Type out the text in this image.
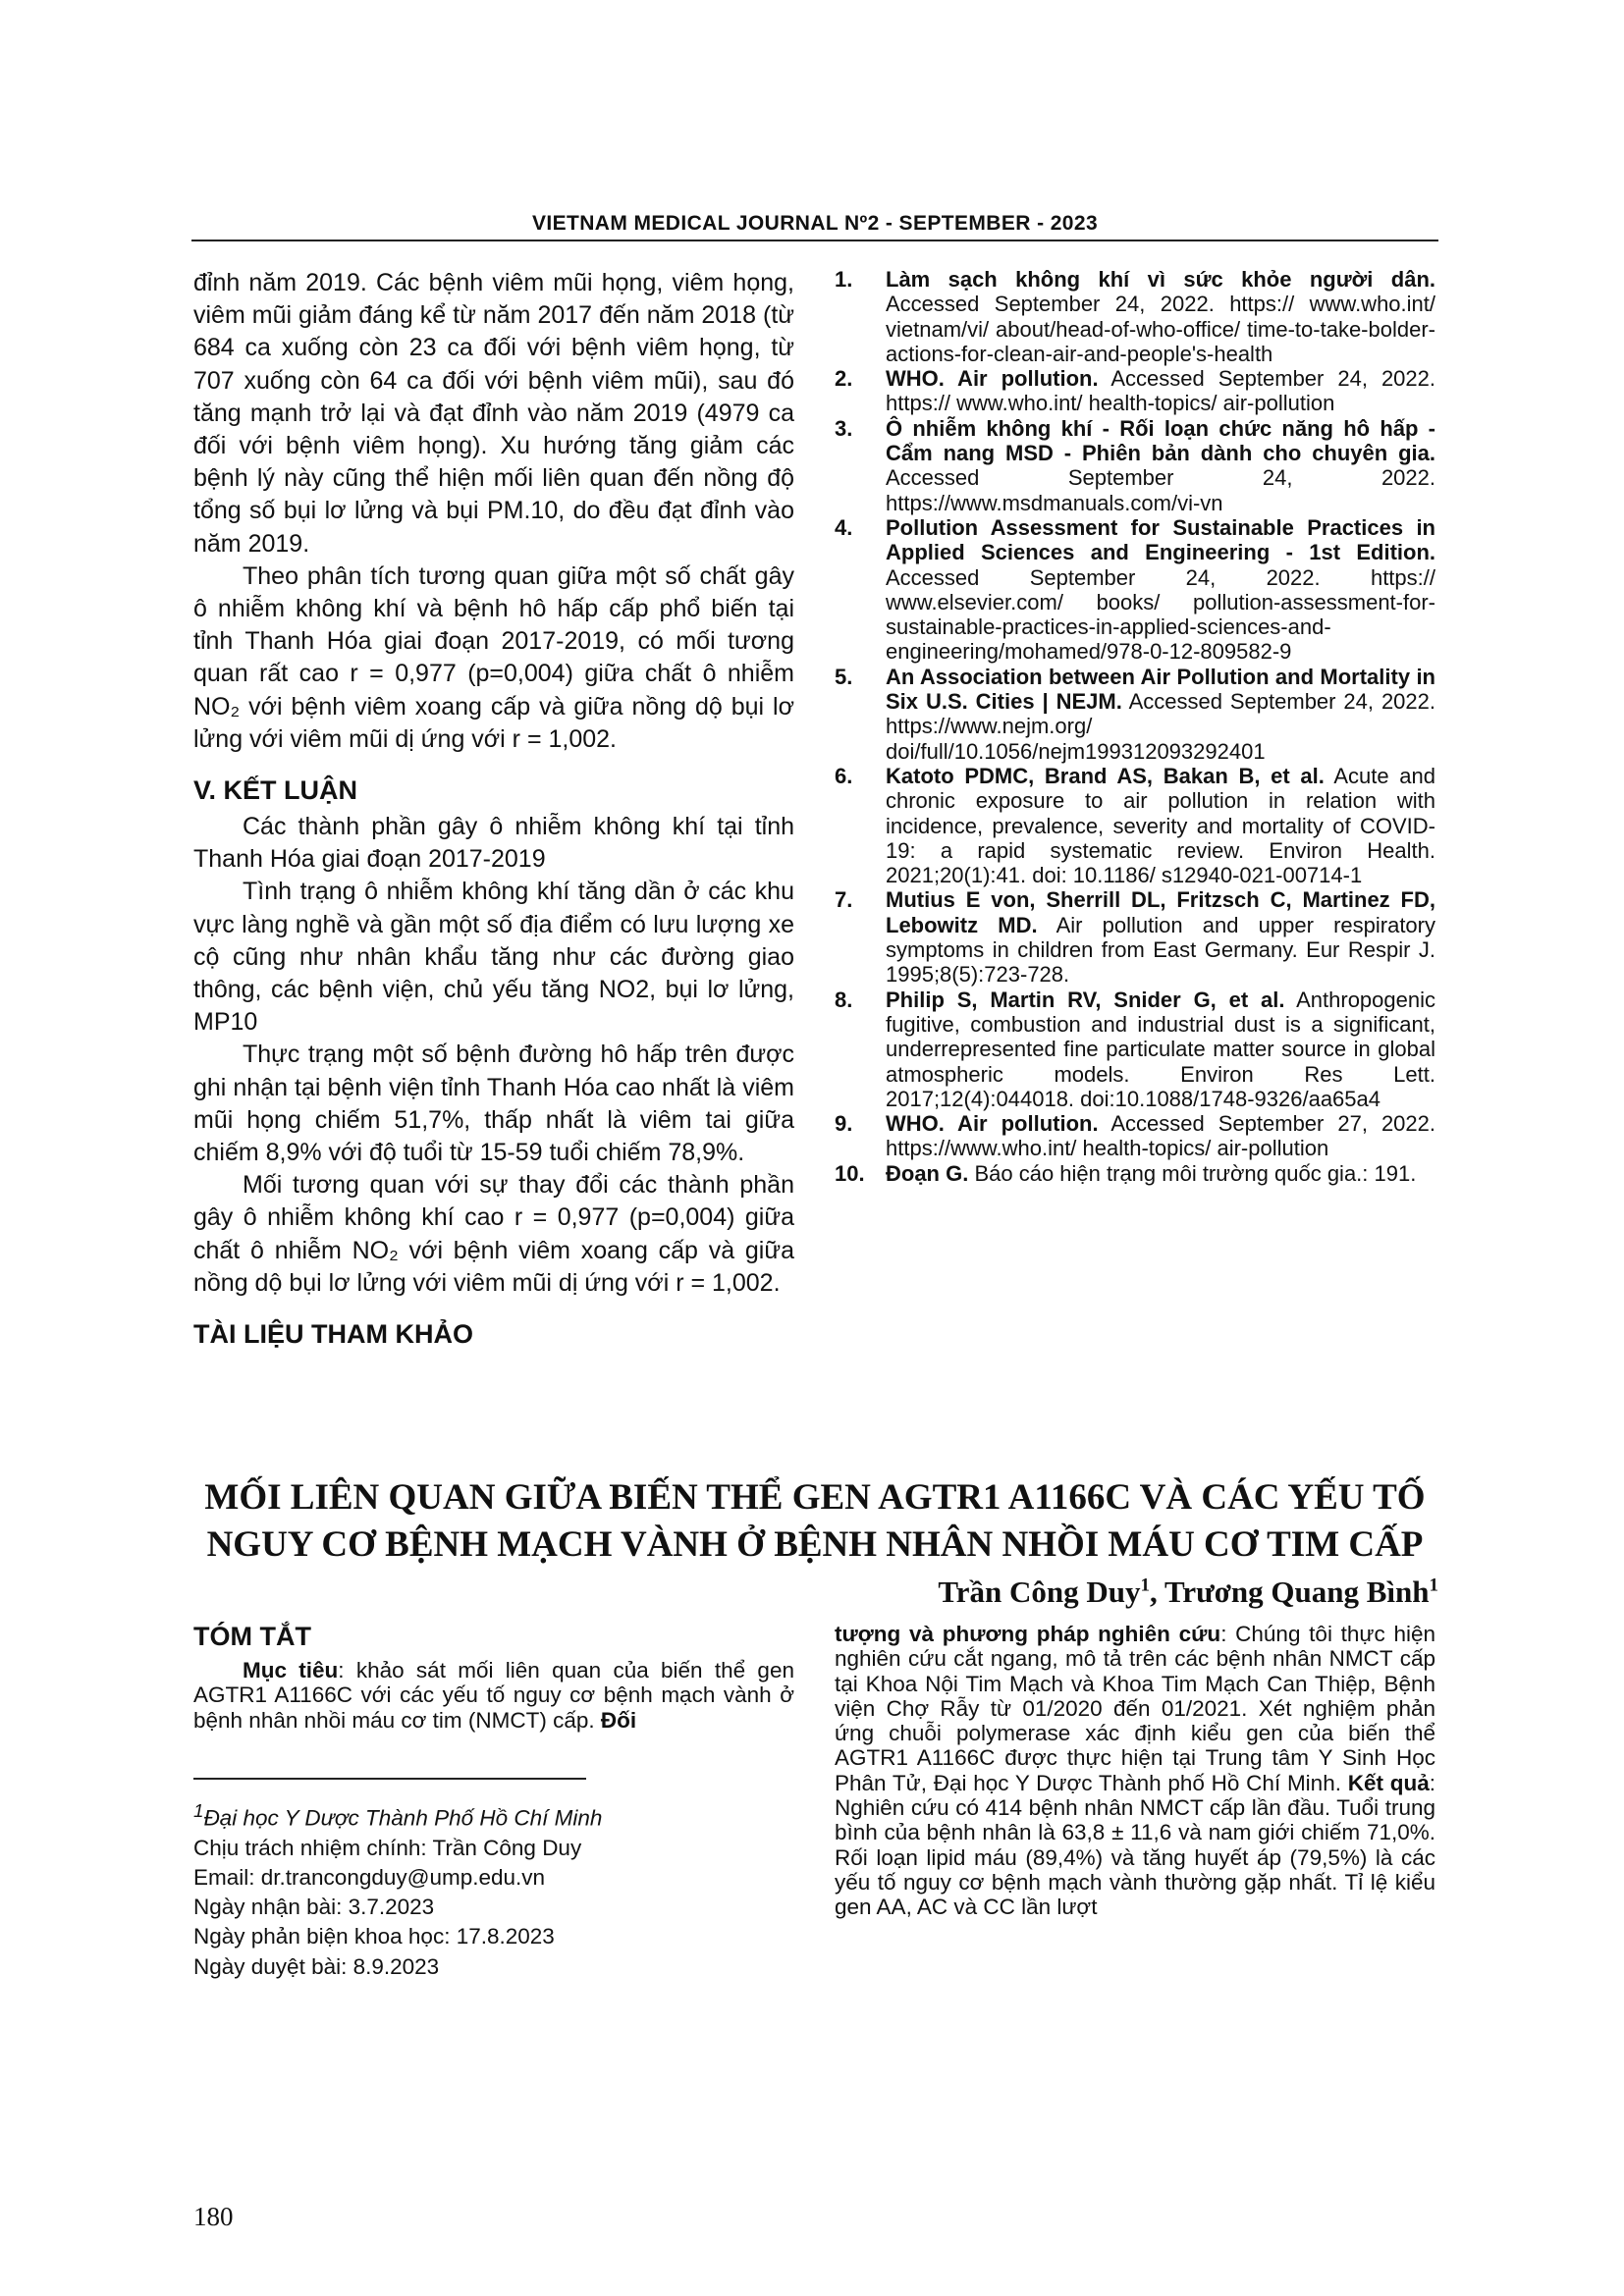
VIETNAM MEDICAL JOURNAL Nº2 - SEPTEMBER - 2023

đỉnh năm 2019. Các bệnh viêm mũi họng, viêm họng, viêm mũi giảm đáng kể từ năm 2017 đến năm 2018 (từ 684 ca xuống còn 23 ca đối với bệnh viêm họng, từ 707 xuống còn 64 ca đối với bệnh viêm mũi), sau đó tăng mạnh trở lại và đạt đỉnh vào năm 2019 (4979 ca đối với bệnh viêm họng). Xu hướng tăng giảm các bệnh lý này cũng thể hiện mối liên quan đến nồng độ tổng số bụi lơ lửng và bụi PM.10, do đều đạt đỉnh vào năm 2019.

Theo phân tích tương quan giữa một số chất gây ô nhiễm không khí và bệnh hô hấp cấp phổ biến tại tỉnh Thanh Hóa giai đoạn 2017-2019, có mối tương quan rất cao r = 0,977 (p=0,004) giữa chất ô nhiễm NO₂ với bệnh viêm xoang cấp và giữa nồng dộ bụi lơ lửng với viêm mũi dị ứng với r = 1,002.

V. KẾT LUẬN

Các thành phần gây ô nhiễm không khí tại tỉnh Thanh Hóa giai đoạn 2017-2019

Tình trạng ô nhiễm không khí tăng dần ở các khu vực làng nghề và gần một số địa điểm có lưu lượng xe cộ cũng như nhân khẩu tăng như các đường giao thông, các bệnh viện, chủ yếu tăng NO2, bụi lơ lửng, MP10

Thực trạng một số bệnh đường hô hấp trên được ghi nhận tại bệnh viện tỉnh Thanh Hóa cao nhất là viêm mũi họng chiếm 51,7%, thấp nhất là viêm tai giữa chiếm 8,9% với độ tuổi từ 15-59 tuổi chiếm 78,9%.

Mối tương quan với sự thay đổi các thành phần gây ô nhiễm không khí cao r = 0,977 (p=0,004) giữa chất ô nhiễm NO₂ với bệnh viêm xoang cấp và giữa nồng dộ bụi lơ lửng với viêm mũi dị ứng với r = 1,002.

TÀI LIỆU THAM KHẢO
1. Làm sạch không khí vì sức khỏe người dân. Accessed September 24, 2022. https:// www.who.int/ vietnam/vi/ about/head-of-who-office/ time-to-take-bolder-actions-for-clean-air-and-people's-health
2. WHO. Air pollution. Accessed September 24, 2022. https:// www.who.int/ health-topics/ air-pollution
3. Ô nhiễm không khí - Rối loạn chức năng hô hấp - Cẩm nang MSD - Phiên bản dành cho chuyên gia. Accessed September 24, 2022. https://www.msdmanuals.com/vi-vn
4. Pollution Assessment for Sustainable Practices in Applied Sciences and Engineering - 1st Edition. Accessed September 24, 2022. https:// www.elsevier.com/ books/ pollution-assessment-for-sustainable-practices-in-applied-sciences-and-engineering/mohamed/978-0-12-809582-9
5. An Association between Air Pollution and Mortality in Six U.S. Cities | NEJM. Accessed September 24, 2022. https://www.nejm.org/ doi/full/10.1056/nejm199312093292401
6. Katoto PDMC, Brand AS, Bakan B, et al. Acute and chronic exposure to air pollution in relation with incidence, prevalence, severity and mortality of COVID-19: a rapid systematic review. Environ Health. 2021;20(1):41. doi: 10.1186/ s12940-021-00714-1
7. Mutius E von, Sherrill DL, Fritzsch C, Martinez FD, Lebowitz MD. Air pollution and upper respiratory symptoms in children from East Germany. Eur Respir J. 1995;8(5):723-728.
8. Philip S, Martin RV, Snider G, et al. Anthropogenic fugitive, combustion and industrial dust is a significant, underrepresented fine particulate matter source in global atmospheric models. Environ Res Lett. 2017;12(4):044018. doi:10.1088/1748-9326/aa65a4
9. WHO. Air pollution. Accessed September 27, 2022. https://www.who.int/ health-topics/ air-pollution
10. Đoạn G. Báo cáo hiện trạng môi trường quốc gia.: 191.
MỐI LIÊN QUAN GIỮA BIẾN THỂ GEN AGTR1 A1166C VÀ CÁC YẾU TỐ
NGUY CƠ BỆNH MẠCH VÀNH Ở BỆNH NHÂN NHỒI MÁU CƠ TIM CẤP
Trần Công Duy$^1$, Trương Quang Bình$^1$
TÓM TẮT

Mục tiêu: khảo sát mối liên quan của biến thể gen AGTR1 A1166C với các yếu tố nguy cơ bệnh mạch vành ở bệnh nhân nhồi máu cơ tim (NMCT) cấp. Đối

$^1$Đại học Y Dược Thành Phố Hồ Chí Minh
Chịu trách nhiệm chính: Trần Công Duy
Email: dr.trancongduy@ump.edu.vn
Ngày nhận bài: 3.7.2023
Ngày phản biện khoa học: 17.8.2023
Ngày duyệt bài: 8.9.2023

tượng và phương pháp nghiên cứu: Chúng tôi thực hiện nghiên cứu cắt ngang, mô tả trên các bệnh nhân NMCT cấp tại Khoa Nội Tim Mạch và Khoa Tim Mạch Can Thiệp, Bệnh viện Chợ Rẫy từ 01/2020 đến 01/2021. Xét nghiệm phản ứng chuỗi polymerase xác định kiểu gen của biến thể AGTR1 A1166C được thực hiện tại Trung tâm Y Sinh Học Phân Tử, Đại học Y Dược Thành phố Hồ Chí Minh. Kết quả: Nghiên cứu có 414 bệnh nhân NMCT cấp lần đầu. Tuổi trung bình của bệnh nhân là 63,8 ± 11,6 và nam giới chiếm 71,0%. Rối loạn lipid máu (89,4%) và tăng huyết áp (79,5%) là các yếu tố nguy cơ bệnh mạch vành thường gặp nhất. Tỉ lệ kiểu gen AA, AC và CC lần lượt

180
